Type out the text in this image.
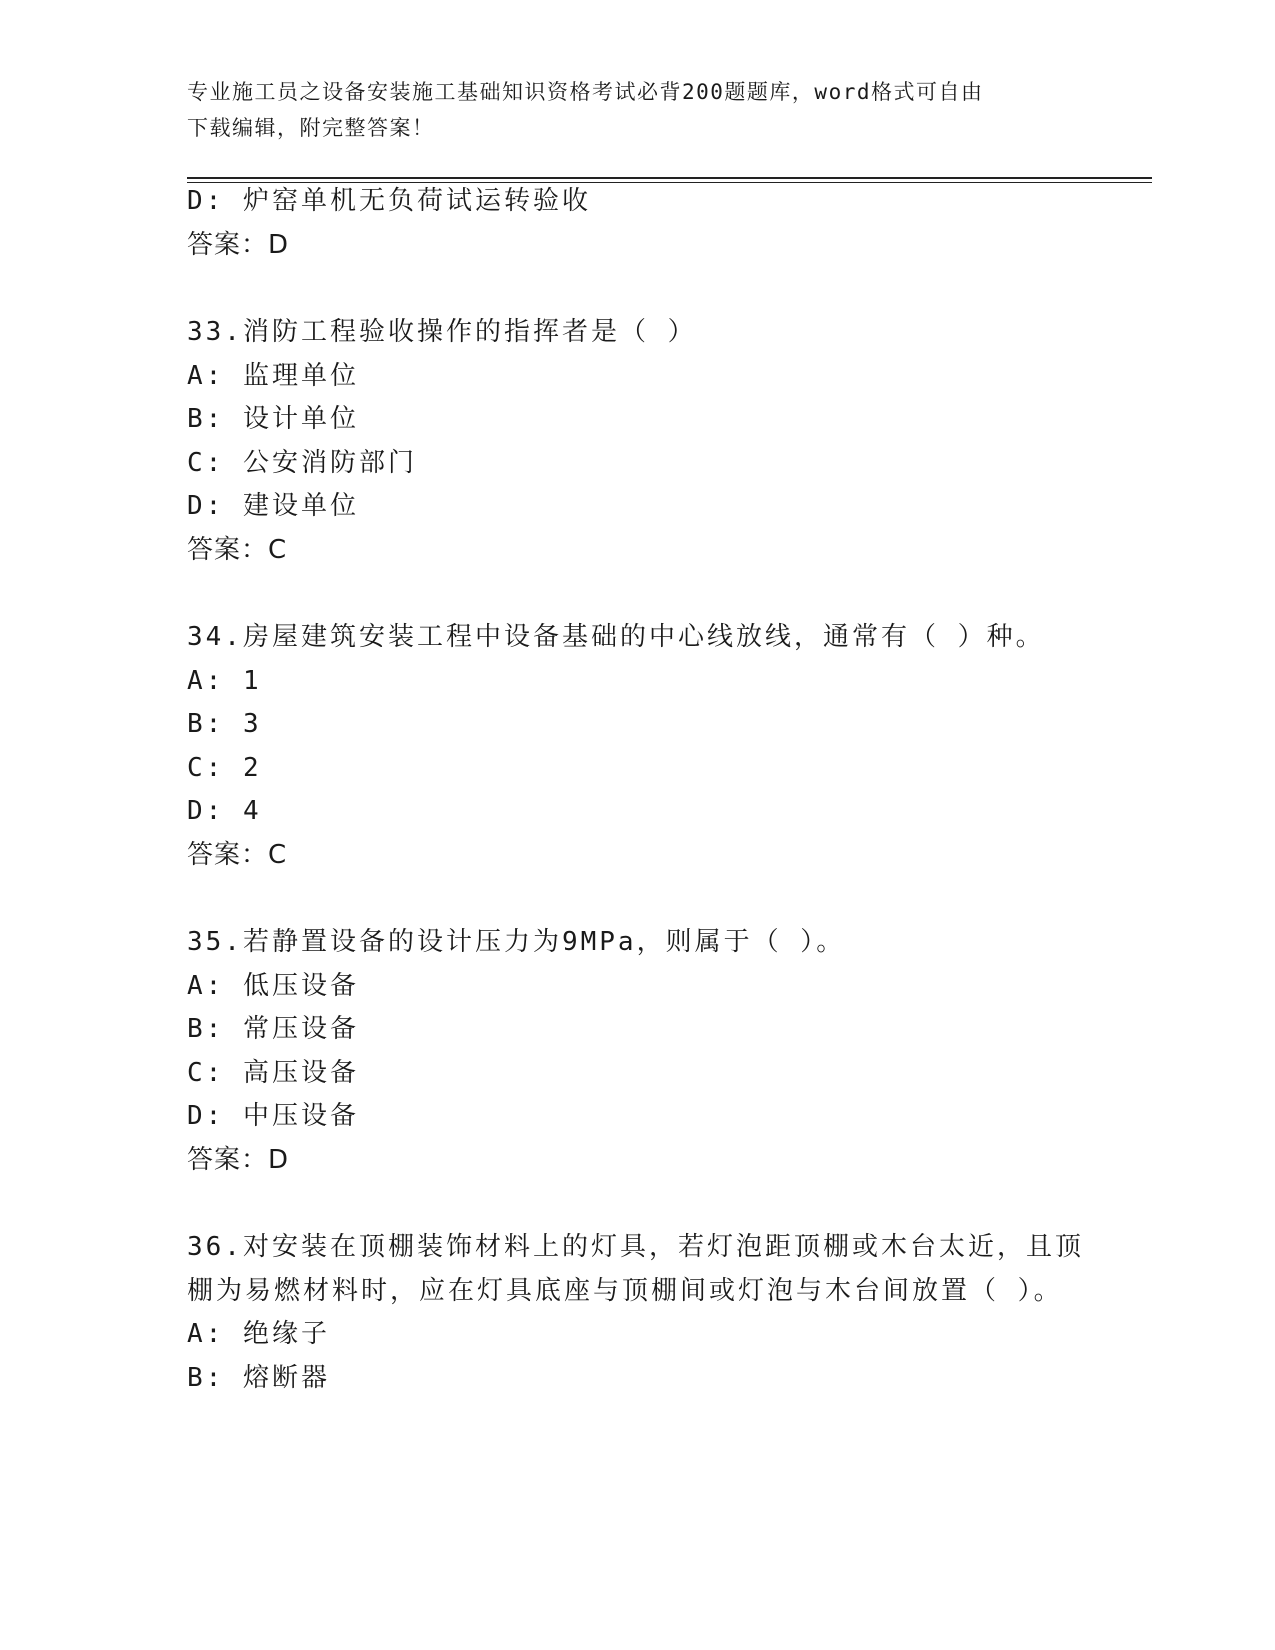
专业施工员之设备安装施工基础知识资格考试必背200题题库，word格式可自由
下载编辑，附完整答案！
D: 炉窑单机无负荷试运转验收
答案：D
33.消防工程验收操作的指挥者是（ ）
A: 监理单位
B: 设计单位
C: 公安消防部门
D: 建设单位
答案：C
34.房屋建筑安装工程中设备基础的中心线放线，通常有（ ）种。
A: 1
B: 3
C: 2
D: 4
答案：C
35.若静置设备的设计压力为9MPa，则属于（ ）。
A: 低压设备
B: 常压设备
C: 高压设备
D: 中压设备
答案：D
36.对安装在顶棚装饰材料上的灯具，若灯泡距顶棚或木台太近，且顶
棚为易燃材料时，应在灯具底座与顶棚间或灯泡与木台间放置（ ）。
A: 绝缘子
B: 熔断器
